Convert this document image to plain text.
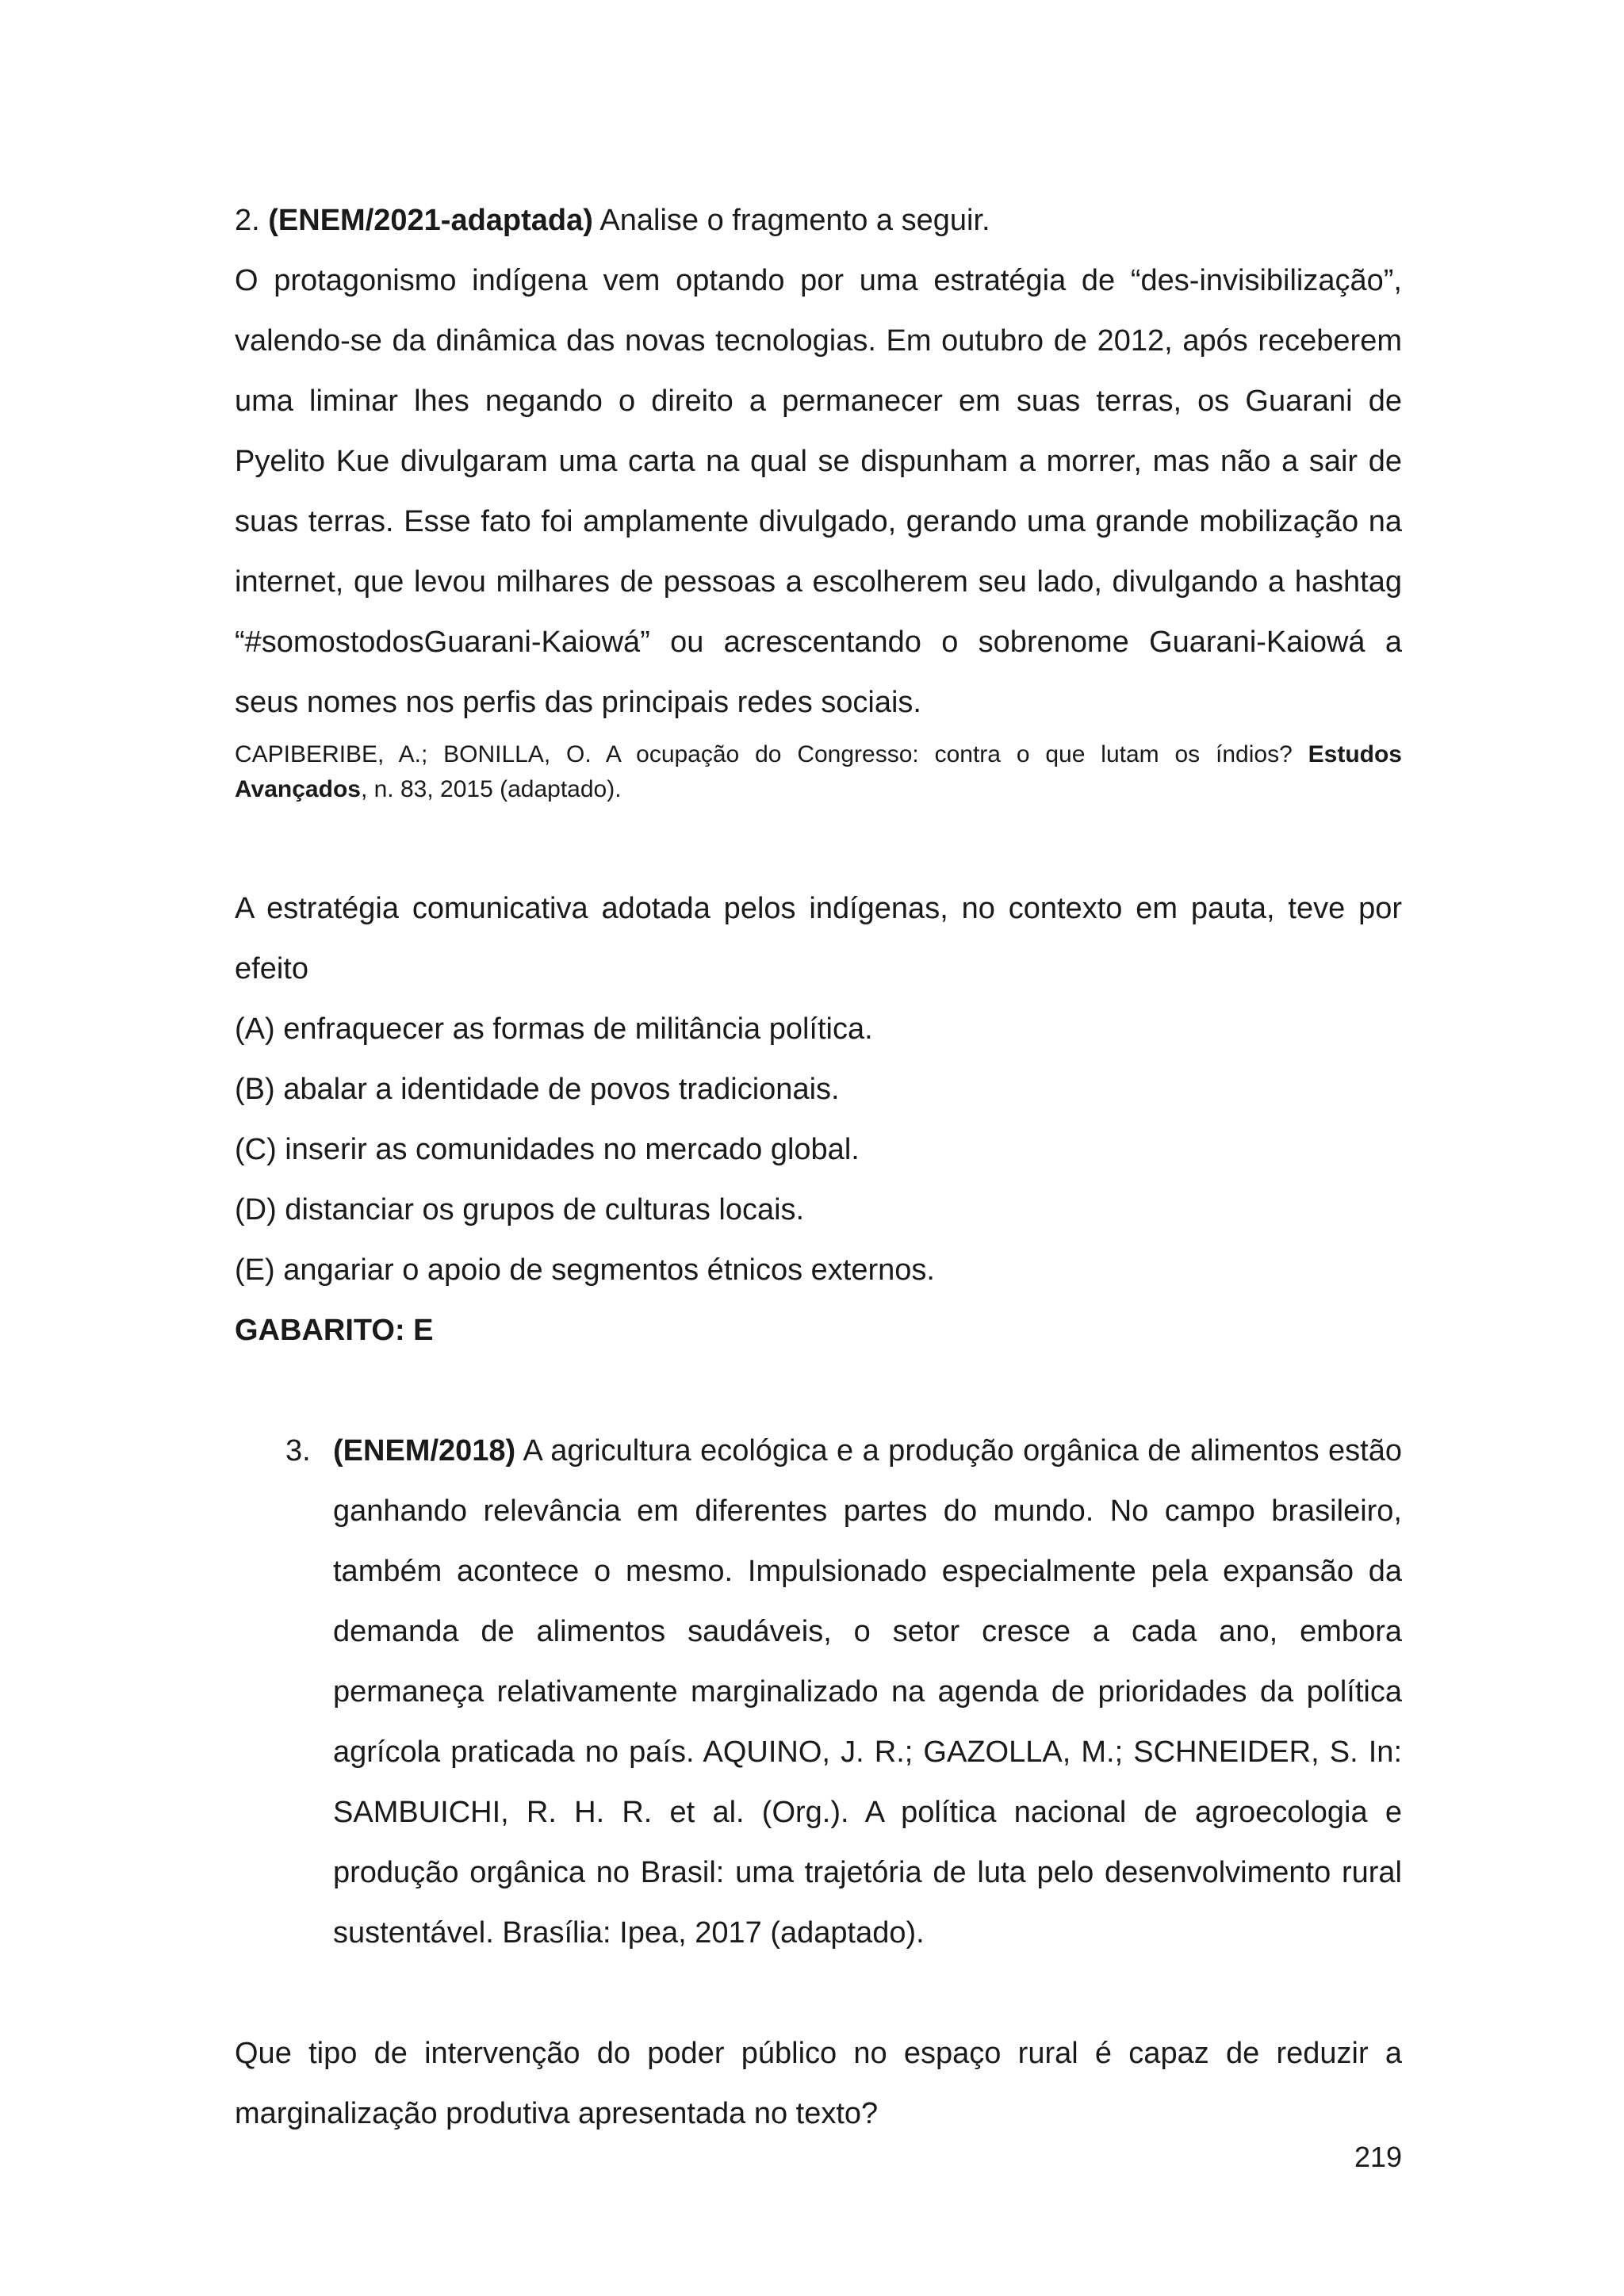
2. (ENEM/2021-adaptada) Analise o fragmento a seguir.

O protagonismo indígena vem optando por uma estratégia de “des-invisibilização”, valendo-se da dinâmica das novas tecnologias. Em outubro de 2012, após receberem uma liminar lhes negando o direito a permanecer em suas terras, os Guarani de Pyelito Kue divulgaram uma carta na qual se dispunham a morrer, mas não a sair de suas terras. Esse fato foi amplamente divulgado, gerando uma grande mobilização na internet, que levou milhares de pessoas a escolherem seu lado, divulgando a hashtag “#somostodosGuarani-Kaiowá” ou acrescentando o sobrenome Guarani-Kaiowá a seus nomes nos perfis das principais redes sociais.

CAPIBERIBE, A.; BONILLA, O. A ocupação do Congresso: contra o que lutam os índios? Estudos Avançados, n. 83, 2015 (adaptado).

A estratégia comunicativa adotada pelos indígenas, no contexto em pauta, teve por efeito

(A) enfraquecer as formas de militância política.

(B) abalar a identidade de povos tradicionais.

(C) inserir as comunidades no mercado global.

(D) distanciar os grupos de culturas locais.

(E) angariar o apoio de segmentos étnicos externos.

GABARITO: E

3. (ENEM/2018) A agricultura ecológica e a produção orgânica de alimentos estão ganhando relevância em diferentes partes do mundo. No campo brasileiro, também acontece o mesmo. Impulsionado especialmente pela expansão da demanda de alimentos saudáveis, o setor cresce a cada ano, embora permaneça relativamente marginalizado na agenda de prioridades da política agrícola praticada no país. AQUINO, J. R.; GAZOLLA, M.; SCHNEIDER, S. In: SAMBUICHI, R. H. R. et al. (Org.). A política nacional de agroecologia e produção orgânica no Brasil: uma trajetória de luta pelo desenvolvimento rural sustentável. Brasília: Ipea, 2017 (adaptado).

Que tipo de intervenção do poder público no espaço rural é capaz de reduzir a marginalização produtiva apresentada no texto?

219
